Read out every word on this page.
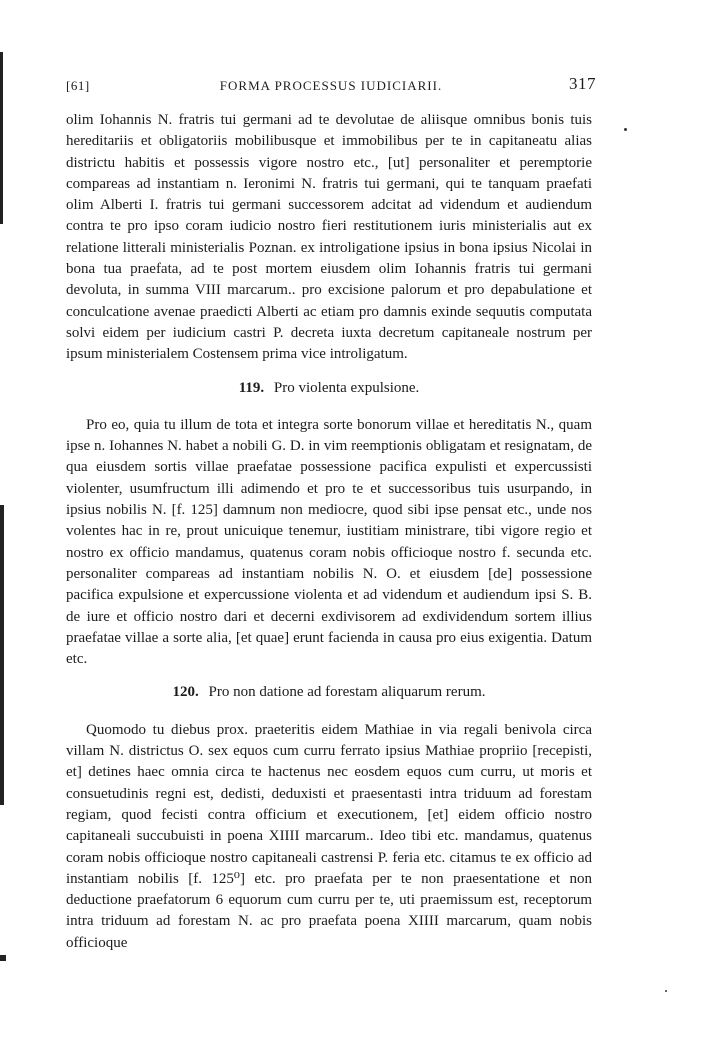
[61]	FORMA PROCESSUS IUDICIARII.	317

olim Iohannis N. fratris tui germani ad te devolutae de aliisque omnibus bonis tuis hereditariis et obligatoriis mobilibusque et immobilibus per te in capitaneatu alias districtu habitis et possessis vigore nostro etc., [ut] personaliter et peremptorie compareas ad instantiam n. Ieronimi N. fratris tui germani, qui te tanquam praefati olim Alberti I. fratris tui germani successorem adcitat ad videndum et audiendum contra te pro ipso coram iudicio nostro fieri restitutionem iuris ministerialis aut ex relatione litterali ministerialis Poznan. ex introligatione ipsius in bona ipsius Nicolai in bona tua praefata, ad te post mortem eiusdem olim Iohannis fratris tui germani devoluta, in summa VIII marcarum.. pro excisione palorum et pro depabulatione et conculcatione avenae praedicti Alberti ac etiam pro damnis exinde sequutis computata solvi eidem per iudicium castri P. decreta iuxta decretum capitaneale nostrum per ipsum ministerialem Costensem prima vice introligatum.

119. Pro violenta expulsione.

Pro eo, quia tu illum de tota et integra sorte bonorum villae et hereditatis N., quam ipse n. Iohannes N. habet a nobili G. D. in vim reemptionis obligatam et resignatam, de qua eiusdem sortis villae praefatae possessione pacifica expulisti et expercussisti violenter, usumfructum illi adimendo et pro te et successoribus tuis usurpando, in ipsius nobilis N. [f. 125] damnum non mediocre, quod sibi ipse pensat etc., unde nos volentes hac in re, prout unicuique tenemur, iustitiam ministrare, tibi vigore regio et nostro ex officio mandamus, quatenus coram nobis officioque nostro f. secunda etc. personaliter compareas ad instantiam nobilis N. O. et eiusdem [de] possessione pacifica expulsione et expercussione violenta et ad videndum et audiendum ipsi S. B. de iure et officio nostro dari et decerni exdivisorem ad exdividendum sortem illius praefatae villae a sorte alia, [et quae] erunt facienda in causa pro eius exigentia. Datum etc.

120. Pro non datione ad forestam aliquarum rerum.

Quomodo tu diebus prox. praeteritis eidem Mathiae in via regali benivola circa villam N. districtus O. sex equos cum curru ferrato ipsius Mathiae propriio [recepisti, et] detines haec omnia circa te hactenus nec eosdem equos cum curru, ut moris et consuetudinis regni est, dedisti, deduxisti et praesentasti intra triduum ad forestam regiam, quod fecisti contra officium et executionem, [et] eidem officio nostro capitaneali succubuisti in poena XIIII marcarum.. Ideo tibi etc. mandamus, quatenus coram nobis officioque nostro capitaneali castrensi P. feria etc. citamus te ex officio ad instantiam nobilis [f. 125⁰] etc. pro praefata per te non praesentatione et non deductione praefatorum 6 equorum cum curru per te, uti praemissum est, receptorum intra triduum ad forestam N. ac pro praefata poena XIIII marcarum, quam nobis officioque
